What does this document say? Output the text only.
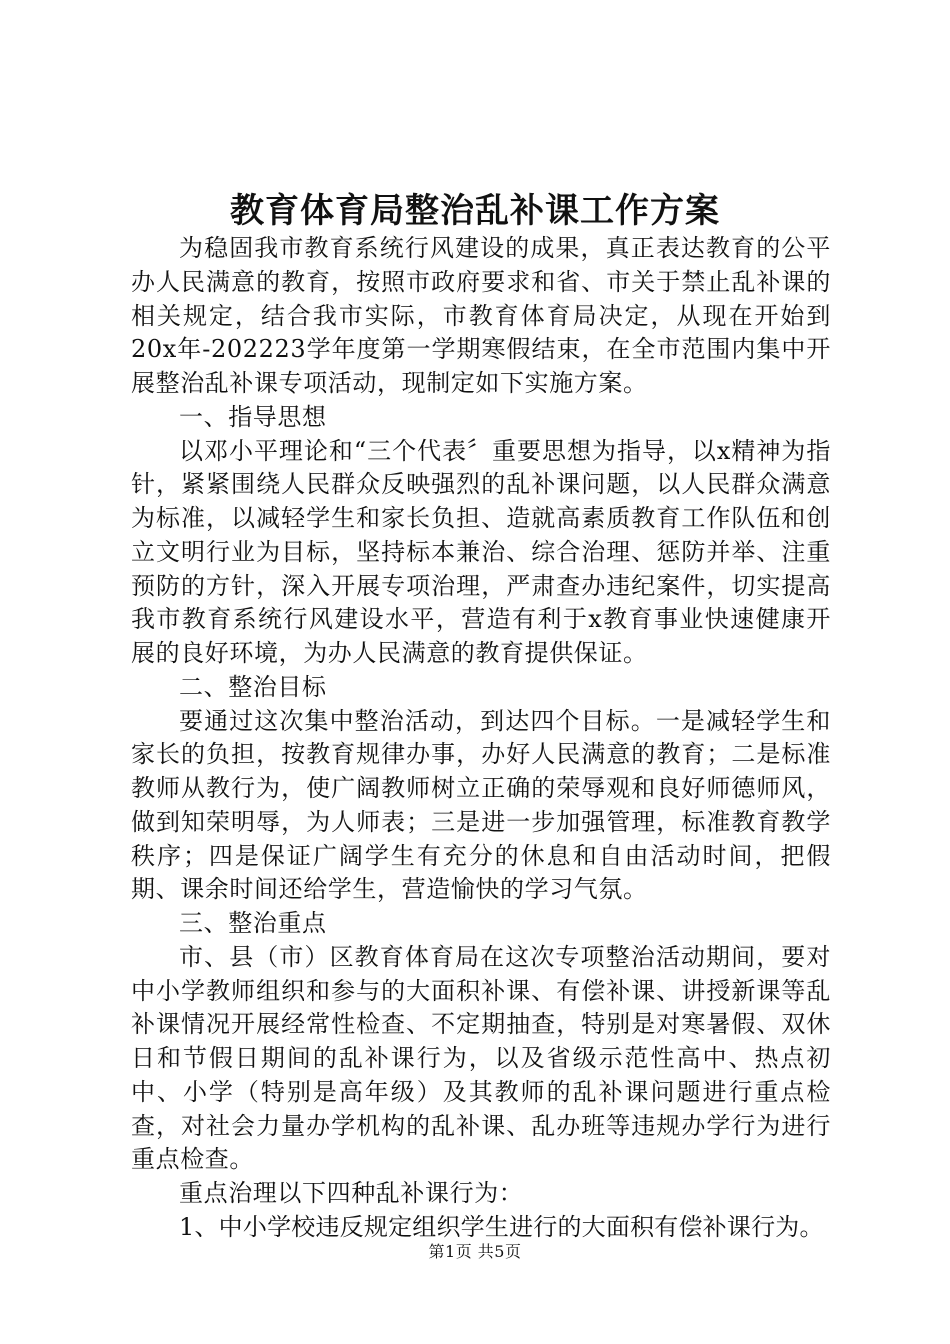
教育体育局整治乱补课工作方案

为稳固我市教育系统行风建设的成果，真正表达教育的公平办人民满意的教育，按照市政府要求和省、市关于禁止乱补课的相关规定，结合我市实际，市教育体育局决定，从现在开始到20x年-202223学年度第一学期寒假结束，在全市范围内集中开展整治乱补课专项活动，现制定如下实施方案。

一、指导思想

以邓小平理论和“三个代表〞重要思想为指导，以x精神为指针，紧紧围绕人民群众反映强烈的乱补课问题，以人民群众满意为标准，以减轻学生和家长负担、造就高素质教育工作队伍和创立文明行业为目标，坚持标本兼治、综合治理、惩防并举、注重预防的方针，深入开展专项治理，严肃查办违纪案件，切实提高我市教育系统行风建设水平，营造有利于x教育事业快速健康开展的良好环境，为办人民满意的教育提供保证。

二、整治目标

要通过这次集中整治活动，到达四个目标。一是减轻学生和家长的负担，按教育规律办事，办好人民满意的教育；二是标准教师从教行为，使广阔教师树立正确的荣辱观和良好师德师风，做到知荣明辱，为人师表；三是进一步加强管理，标准教育教学秩序；四是保证广阔学生有充分的休息和自由活动时间，把假期、课余时间还给学生，营造愉快的学习气氛。

三、整治重点

市、县（市）区教育体育局在这次专项整治活动期间，要对中小学教师组织和参与的大面积补课、有偿补课、讲授新课等乱补课情况开展经常性检查、不定期抽查，特别是对寒暑假、双休日和节假日期间的乱补课行为，以及省级示范性高中、热点初中、小学（特别是高年级）及其教师的乱补课问题进行重点检查，对社会力量办学机构的乱补课、乱办班等违规办学行为进行重点检查。

重点治理以下四种乱补课行为：

1、中小学校违反规定组织学生进行的大面积有偿补课行为。

第1页 共5页
